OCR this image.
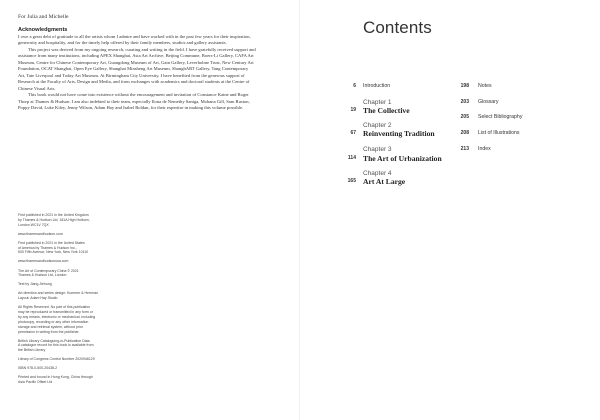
For Julia and Michelle

Acknowledgments

I owe a great debt of gratitude to all the artists whom I admire and have worked with in the past few years for their inspiration, generosity and hospitality, and for the timely help offered by their family members, studios and gallery assistants.

This project was derived from my ongoing research, curating and writing in the field. I have gratefully received support and assistance from many institutions, including APEX Shanghai, Asia Art Archive, Beijing Commune, Boers-Li Gallery, CAFA Art Museum, Centre for Chinese Contemporary Art, Guangdong Museum of Art, Gain Gallery, Leverholme Trust, New Century Art Foundation, OCAT Shanghai, Open Eye Gallery, Shanghai Minsheng Art Museum, ShanghART Gallery, Tang Contemporary Art, Tate Liverpool and Today Art Museum. At Birmingham City University, I have benefited from the generous support of Research at the Faculty of Arts, Design and Media, and from exchanges with academics and doctoral students at the Centre of Chinese Visual Arts.

This book would not have come into existence without the encouragement and invitation of Constance Kaine and Roger Thorp at Thames & Hudson. I am also indebted to their team, especially Ilona de Nemethy Saniga, Mohana Gill, Sam Ruston, Poppy David, Luke Kiley, Jenny Wilson, Adam Hay and Isabel Roldan, for their expertise in making this volume possible.

First published in 2021 in the United Kingdom
by Thames & Hudson Ltd, 181A High Holborn,
London WC1V 7QX

www.thamesandhudson.com

First published in 2021 in the United States
of America by Thames & Hudson Inc.,
500 Fifth Avenue, New York, New York 10110

www.thamesandhudsonusa.com

The Art of Contemporary China © 2021
Thames & Hudson Ltd, London

Text by Jiang Jiehong

Art direction and series design: Kummer & Herrman
Layout: Adam Hay Studio

All Rights Reserved. No part of this publication
may be reproduced or transmitted in any form or
by any means, electronic or mechanical, including
photocopy, recording or any other information
storage and retrieval system, without prior
permission in writing from the publisher.

British Library Cataloguing-in-Publication Data
A catalogue record for this book is available from
the British Library

Library of Congress Control Number 2020946129

ISBN 978-0-500-20438-2

Printed and bound in Hong Kong, China through
Asia Pacific Offset Ltd

Contents
6 Introduction
19
Chapter 1
The Collective
67
Chapter 2
Reinventing Tradition
114
Chapter 3
The Art of Urbanization
165
Chapter 4
Art At Large
198 Notes
203 Glossary
205 Select Bibliography
208 List of Illustrations
213 Index
